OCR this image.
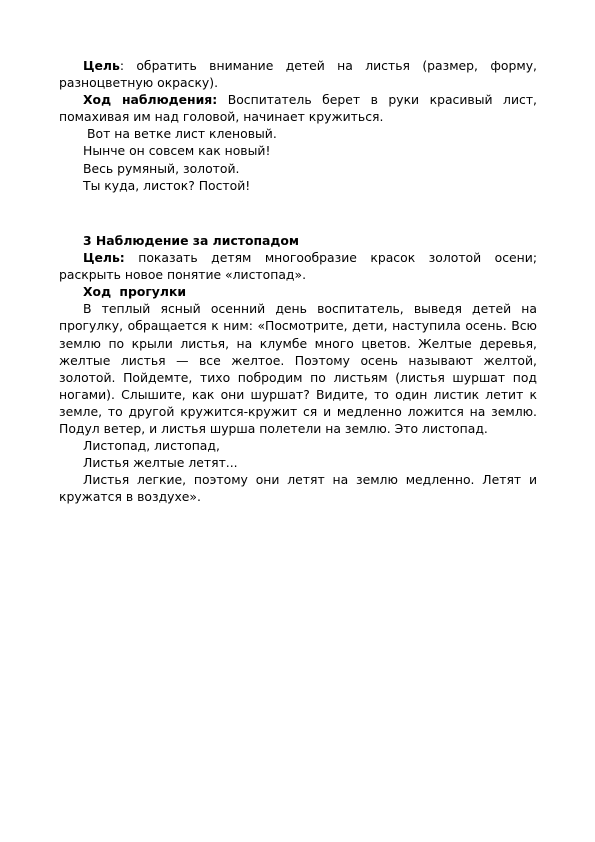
Цель: обратить внимание детей на листья (размер, форму, разноцветную окраску).

Ход наблюдения: Воспитатель берет в руки красивый лист, помахивая им над головой, начинает кружиться.

Вот на ветке лист кленовый.

Нынче он совсем как новый!

Весь румяный, золотой.

Ты куда, листок? Постой!

3 Наблюдение за листопадом

Цель: показать детям многообразие красок золотой осени; раскрыть новое понятие «листопад».

Ход прогулки

В теплый ясный осенний день воспитатель, выведя детей на прогулку, обращается к ним: «Посмотрите, дети, наступила осень. Всю землю по крыли листья, на клумбе много цветов. Желтые деревья, желтые листья — все желтое. Поэтому осень называют желтой, золотой. Пойдемте, тихо побродим по листьям (листья шуршат под ногами). Слышите, как они шуршат? Видите, то один листик летит к земле, то другой кружится-кружит ся и медленно ложится на землю. Подул ветер, и листья шурша полетели на землю. Это листопад.

Листопад, листопад,

Листья желтые летят...

Листья легкие, поэтому они летят на землю медленно. Летят и кружатся в воздухе».
